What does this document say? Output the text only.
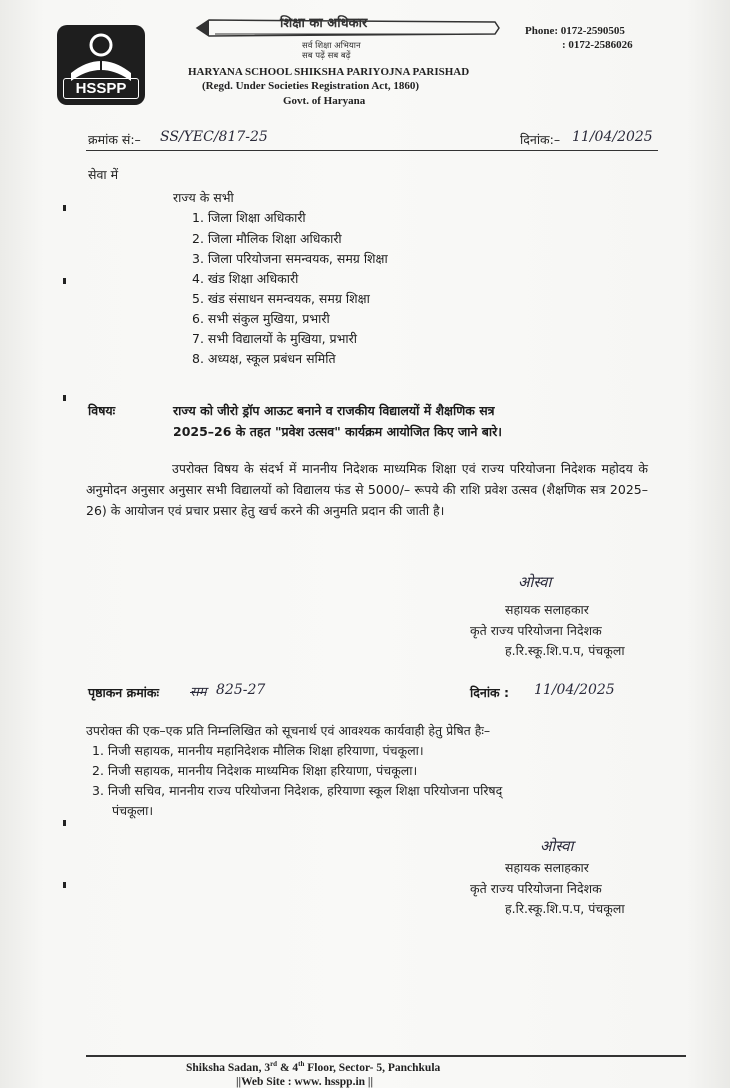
HSSPP
शिक्षा का अधिकार
सर्व शिक्षा अभियान
सब पढ़ें सब बढ़ें
HARYANA SCHOOL SHIKSHA PARIYOJNA PARISHAD
(Regd. Under Societies Registration Act, 1860)
Govt. of Haryana
Phone: 0172-2590505
: 0172-2586026
क्रमांक सं:– SS/YEC/817-25	दिनांक:– 11/04/2025
सेवा में
राज्य के सभी
1. जिला शिक्षा अधिकारी
2. जिला मौलिक शिक्षा अधिकारी
3. जिला परियोजना समन्वयक, समग्र शिक्षा
4. खंड शिक्षा अधिकारी
5. खंड संसाधन समन्वयक, समग्र शिक्षा
6. सभी संकुल मुखिया, प्रभारी
7. सभी विद्यालयों के मुखिया, प्रभारी
8. अध्यक्ष, स्कूल प्रबंधन समिति
विषयः	राज्य को जीरो ड्रॉप आऊट बनाने व राजकीय विद्यालयों में शैक्षणिक सत्र
2025–26 के तहत "प्रवेश उत्सव" कार्यक्रम आयोजित किए जाने बारे।
उपरोक्त विषय के संदर्भ में माननीय निदेशक माध्यमिक शिक्षा एवं राज्य परियोजना निदेशक महोदय के अनुमोदन अनुसार अनुसार सभी विद्यालयों को विद्यालय फंड से 5000/– रूपये की राशि प्रवेश उत्सव (शैक्षणिक सत्र 2025–26) के आयोजन एवं प्रचार प्रसार हेतु खर्च करने की अनुमति प्रदान की जाती है।
ओस्वा
सहायक सलाहकार
कृते राज्य परियोजना निदेशक
ह.रि.स्कू.शि.प.प, पंचकूला
पृष्ठाकन क्रमांकः सम 825-27	दिनांक : 11/04/2025
उपरोक्त की एक–एक प्रति निम्नलिखित को सूचनार्थ एवं आवश्यक कार्यवाही हेतु प्रेषित हैः–
1. निजी सहायक, माननीय महानिदेशक मौलिक शिक्षा हरियाणा, पंचकूला।
2. निजी सहायक, माननीय निदेशक माध्यमिक शिक्षा हरियाणा, पंचकूला।
3. निजी सचिव, माननीय राज्य परियोजना निदेशक, हरियाणा स्कूल शिक्षा परियोजना परिषद्
पंचकूला।
ओस्वा
सहायक सलाहकार
कृते राज्य परियोजना निदेशक
ह.रि.स्कू.शि.प.प, पंचकूला
Shiksha Sadan, 3rd & 4th Floor, Sector- 5, Panchkula
||Web Site : www. hsspp.in ||
